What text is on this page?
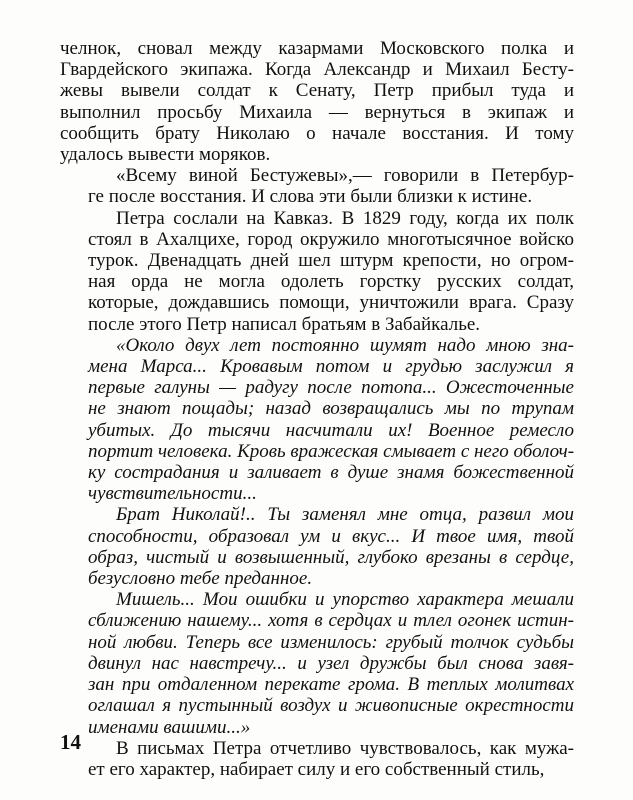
челнок, сновал между казармами Московского полка и
Гвардейского экипажа. Когда Александр и Михаил Бесту-
жевы вывели солдат к Сенату, Петр прибыл туда и
выполнил просьбу Михаила — вернуться в экипаж и
сообщить брату Николаю о начале восстания. И тому
удалось вывести моряков.

«Всему виной Бестужевы»,— говорили в Петербур-
ге после восстания. И слова эти были близки к истине.

Петра сослали на Кавказ. В 1829 году, когда их полк
стоял в Ахалцихе, город окружило многотысячное войско
турок. Двенадцать дней шел штурм крепости, но огром-
ная орда не могла одолеть горстку русских солдат,
которые, дождавшись помощи, уничтожили врага. Сразу
после этого Петр написал братьям в Забайкалье.

«Около двух лет постоянно шумят надо мною зна-
мена Марса... Кровавым потом и грудью заслужил я
первые галуны — радугу после потопа... Ожесточенные
не знают пощады; назад возвращались мы по трупам
убитых. До тысячи насчитали их! Военное ремесло
портит человека. Кровь вражеская смывает с него оболоч-
ку сострадания и заливает в душе знамя божественной
чувствительности...

Брат Николай!.. Ты заменял мне отца, развил мои
способности, образовал ум и вкус... И твое имя, твой
образ, чистый и возвышенный, глубоко врезаны в сердце,
безусловно тебе преданное.

Мишель... Мои ошибки и упорство характера мешали
сближению нашему... хотя в сердцах и тлел огонек истин-
ной любви. Теперь все изменилось: грубый толчок судьбы
двинул нас навстречу... и узел дружбы был снова завя-
зан при отдаленном перекате грома. В теплых молитвах
оглашал я пустынный воздух и живописные окрестности
именами вашими...»

В письмах Петра отчетливо чувствовалось, как мужа-
ет его характер, набирает силу и его собственный стиль,

14
